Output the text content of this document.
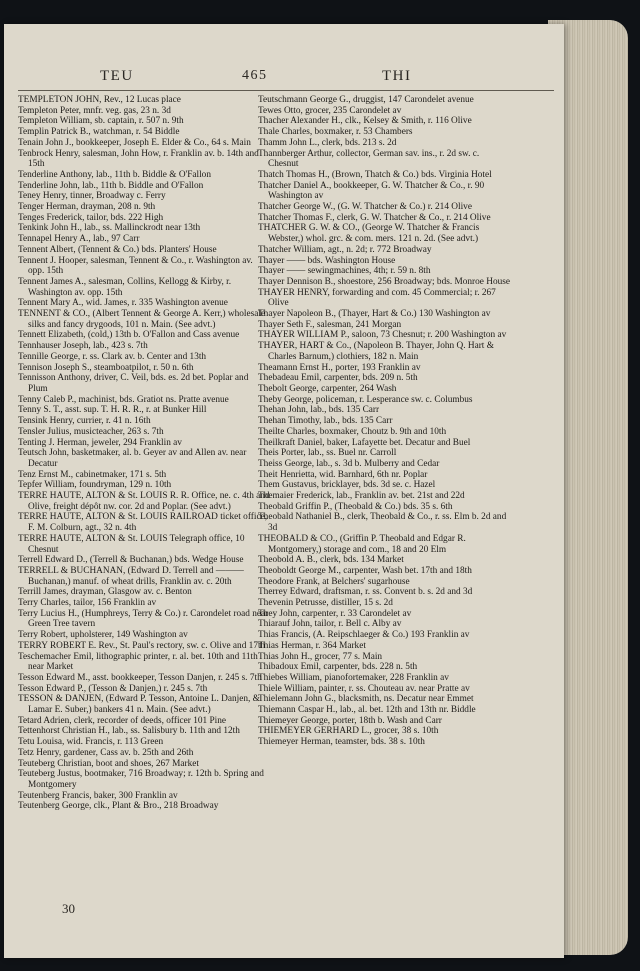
TEU	465	THI
TEMPLETON JOHN, Rev., 12 Lucas place
Templeton Peter, mnfr. veg. gas, 23 n. 3d
Templeton William, sb. captain, r. 507 n. 9th
Templin Patrick B., watchman, r. 54 Biddle
Tenain John J., bookkeeper, Joseph E. Elder & Co., 64 s. Main
Tenbrock Henry, salesman, John How, r. Franklin av. b. 14th and 15th
Tenderline Anthony, lab., 11th b. Biddle & O'Fallon
Tenderline John, lab., 11th b. Biddle and O'Fallon
Teney Henry, tinner, Broadway c. Ferry
Tenger Herman, drayman, 208 n. 9th
Tenges Frederick, tailor, bds. 222 High
Tenkink John H., lab., ss. Mallinckrodt near 13th
Tennapel Henry A., lab., 97 Carr
Tennent Albert, (Tennent & Co.) bds. Planters' House
Tennent J. Hooper, salesman, Tennent & Co., r. Washington av. opp. 15th
Tennent James A., salesman, Collins, Kellogg & Kirby, r. Washington av. opp. 15th
Tennent Mary A., wid. James, r. 335 Washington avenue
TENNENT & CO., (Albert Tennent & George A. Kerr,) wholesale silks and fancy drygoods, 101 n. Main. (See advt.)
Tennett Elizabeth, (cold,) 13th b. O'Fallon and Cass avenue
Tennhauser Joseph, lab., 423 s. 7th
Tennille George, r. ss. Clark av. b. Center and 13th
Tennison Joseph S., steamboatpilot, r. 50 n. 6th
Tennisson Anthony, driver, C. Veil, bds. es. 2d bet. Poplar and Plum
Tenny Caleb P., machinist, bds. Gratiot ns. Pratte avenue
Tenny S. T., asst. sup. T. H. R. R., r. at Bunker Hill
Tensink Henry, currier, r. 41 n. 16th
Tensler Julius, musicteacher, 263 s. 7th
Tenting J. Herman, jeweler, 294 Franklin av
Teutsch John, basketmaker, al. b. Geyer av and Allen av. near Decatur
Tenz Ernst M., cabinetmaker, 171 s. 5th
Tepfer William, foundryman, 129 n. 10th
TERRE HAUTE, ALTON & St. LOUIS R. R. Office, ne. c. 4th and Olive, freight dépôt nw. cor. 2d and Poplar. (See advt.)
TERRE HAUTE, ALTON & St. LOUIS RAILROAD ticket office, F. M. Colburn, agt., 32 n. 4th
TERRE HAUTE, ALTON & St. LOUIS Telegraph office, 10 Chesnut
Terrell Edward D., (Terrell & Buchanan,) bds. Wedge House
TERRELL & BUCHANAN, (Edward D. Terrell and ———Buchanan,) manuf. of wheat drills, Franklin av. c. 20th
Terrill James, drayman, Glasgow av. c. Benton
Terry Charles, tailor, 156 Franklin av
Terry Lucius H., (Humphreys, Terry & Co.) r. Carondelet road near Green Tree tavern
Terry Robert, upholsterer, 149 Washington av
TERRY ROBERT E. Rev., St. Paul's rectory, sw. c. Olive and 17th
Teschemacher Emil, lithographic printer, r. al. bet. 10th and 11th near Market
Tesson Edward M., asst. bookkeeper, Tesson Danjen, r. 245 s. 7th
Tesson Edward P., (Tesson & Danjen,) r. 245 s. 7th
TESSON & DANJEN, (Edward P. Tesson, Antoine L. Danjen, & Lamar E. Suber,) bankers 41 n. Main. (See advt.)
Tetard Adrien, clerk, recorder of deeds, officer 101 Pine
Tettenhorst Christian H., lab., ss. Salisbury b. 11th and 12th
Tetu Louisa, wid. Francis, r. 113 Green
Tetz Henry, gardener, Cass av. b. 25th and 26th
Teuteberg Christian, boot and shoes, 267 Market
Teuteberg Justus, bootmaker, 716 Broadway; r. 12th b. Spring and Montgomery
Teutenberg Francis, baker, 300 Franklin av
Teutenberg George, clk., Plant & Bro., 218 Broadway
Teutschmann George G., druggist, 147 Carondelet avenue
Tewes Otto, grocer, 235 Carondelet av
Thacher Alexander H., clk., Kelsey & Smith, r. 116 Olive
Thale Charles, boxmaker, r. 53 Chambers
Thamm John L., clerk, bds. 213 s. 2d
Thannberger Arthur, collector, German sav. ins., r. 2d sw. c. Chesnut
Thatch Thomas H., (Brown, Thatch & Co.) bds. Virginia Hotel
Thatcher Daniel A., bookkeeper, G. W. Thatcher & Co., r. 90 Washington av
Thatcher George W., (G. W. Thatcher & Co.) r. 214 Olive
Thatcher Thomas F., clerk, G. W. Thatcher & Co., r. 214 Olive
THATCHER G. W. & CO., (George W. Thatcher & Francis Webster,) whol. grc. & com. mers. 121 n. 2d. (See advt.)
Thatcher William, agt., n. 2d; r. 772 Broadway
Thayer —— bds. Washington House
Thayer —— sewingmachines, 4th; r. 59 n. 8th
Thayer Dennison B., shoestore, 256 Broadway; bds. Monroe House
THAYER HENRY, forwarding and com. 45 Commercial; r. 267 Olive
Thayer Napoleon B., (Thayer, Hart & Co.) 130 Washington av
Thayer Seth F., salesman, 241 Morgan
THAYER WILLIAM P., saloon, 73 Chesnut; r. 200 Washington av
THAYER, HART & Co., (Napoleon B. Thayer, John Q. Hart & Charles Barnum,) clothiers, 182 n. Main
Theamann Ernst H., porter, 193 Franklin av
Thebadeau Emil, carpenter, bds. 209 n. 5th
Thebolt George, carpenter, 264 Wash
Theby George, policeman, r. Lesperance sw. c. Columbus
Thehan John, lab., bds. 135 Carr
Thehan Timothy, lab., bds. 135 Carr
Theilte Charles, boxmaker, Choutz b. 9th and 10th
Theilkraft Daniel, baker, Lafayette bet. Decatur and Buel
Theis Porter, lab., ss. Buel nr. Carroll
Theiss George, lab., s. 3d b. Mulberry and Cedar
Theit Henrietta, wid. Barnhard, 6th nr. Poplar
Them Gustavus, bricklayer, bds. 3d se. c. Hazel
Themaier Frederick, lab., Franklin av. bet. 21st and 22d
Theobald Griffin P., (Theobald & Co.) bds. 35 s. 6th
Theobald Nathaniel B., clerk, Theobald & Co., r. ss. Elm b. 2d and 3d
THEOBALD & CO., (Griffin P. Theobald and Edgar R. Montgomery,) storage and com., 18 and 20 Elm
Theobold A. B., clerk, bds. 134 Market
Theoboldt George M., carpenter, Wash bet. 17th and 18th
Theodore Frank, at Belchers' sugarhouse
Therrey Edward, draftsman, r. ss. Convent b. s. 2d and 3d
Thevenin Petrusse, distiller, 15 s. 2d
They John, carpenter, r. 33 Carondelet av
Thiarauf John, tailor, r. Bell c. Alby av
Thias Francis, (A. Reipschlaeger & Co.) 193 Franklin av
Thias Herman, r. 364 Market
Thias John H., grocer, 77 s. Main
Thibadoux Emil, carpenter, bds. 228 n. 5th
Thiebes William, pianofortemaker, 228 Franklin av
Thiele William, painter, r. ss. Chouteau av. near Pratte av
Thielemann John G., blacksmith, ns. Decatur near Emmet
Thiemann Caspar H., lab., al. bet. 12th and 13th nr. Biddle
Thiemeyer George, porter, 18th b. Wash and Carr
THIEMEYER GERHARD L., grocer, 38 s. 10th
Thiemeyer Herman, teamster, bds. 38 s. 10th
30
